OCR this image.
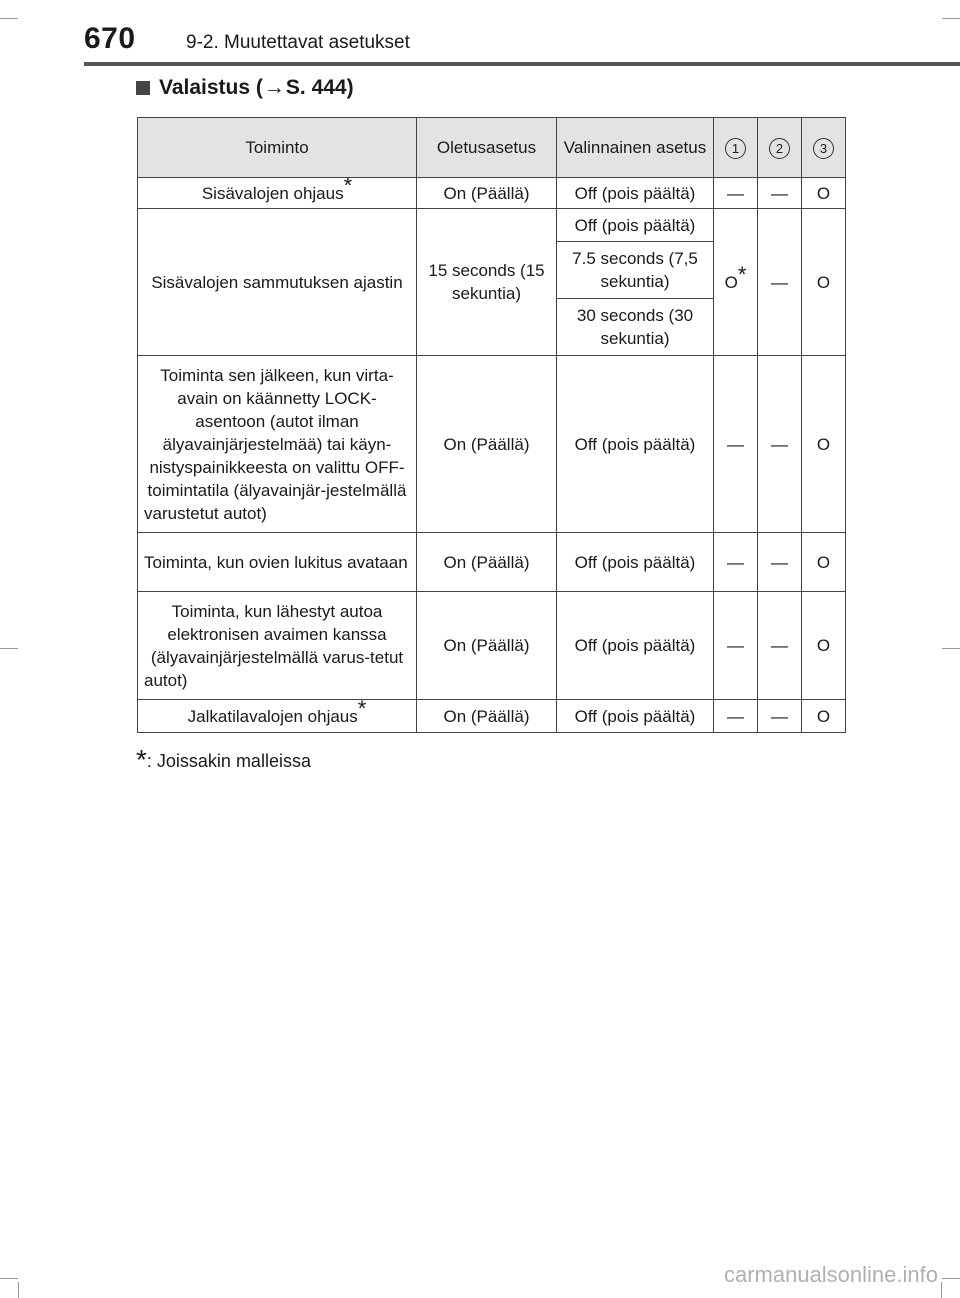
670	9-2. Muutettavat asetukset
Valaistus ( → S. 444)
Toiminto	Oletusasetus	Valinnainen asetus	1	2	3
Sisävalojen ohjaus*	On (Päällä)	Off (pois päältä)	—	—	O
Sisävalojen sammutuksen ajastin	15 seconds (15 sekuntia)	Off (pois päältä)	O*	—	O
		7.5 seconds (7,5 sekuntia)			
		30 seconds (30 sekuntia)			
Toiminta sen jälkeen, kun virta-avain on käännetty LOCK-asentoon (autot ilman älyavainjärjestelmää) tai käyn-nistyspainikkeesta on valittu OFF-toimintatila (älyavainjär-jestelmällä varustetut autot)	On (Päällä)	Off (pois päältä)	—	—	O
Toiminta, kun ovien lukitus avataan	On (Päällä)	Off (pois päältä)	—	—	O
Toiminta, kun lähestyt autoa elektronisen avaimen kanssa (älyavainjärjestelmällä varus-tetut autot)	On (Päällä)	Off (pois päältä)	—	—	O
Jalkatilavalojen ohjaus*	On (Päällä)	Off (pois päältä)	—	—	O
*: Joissakin malleissa
carmanualsonline.info
